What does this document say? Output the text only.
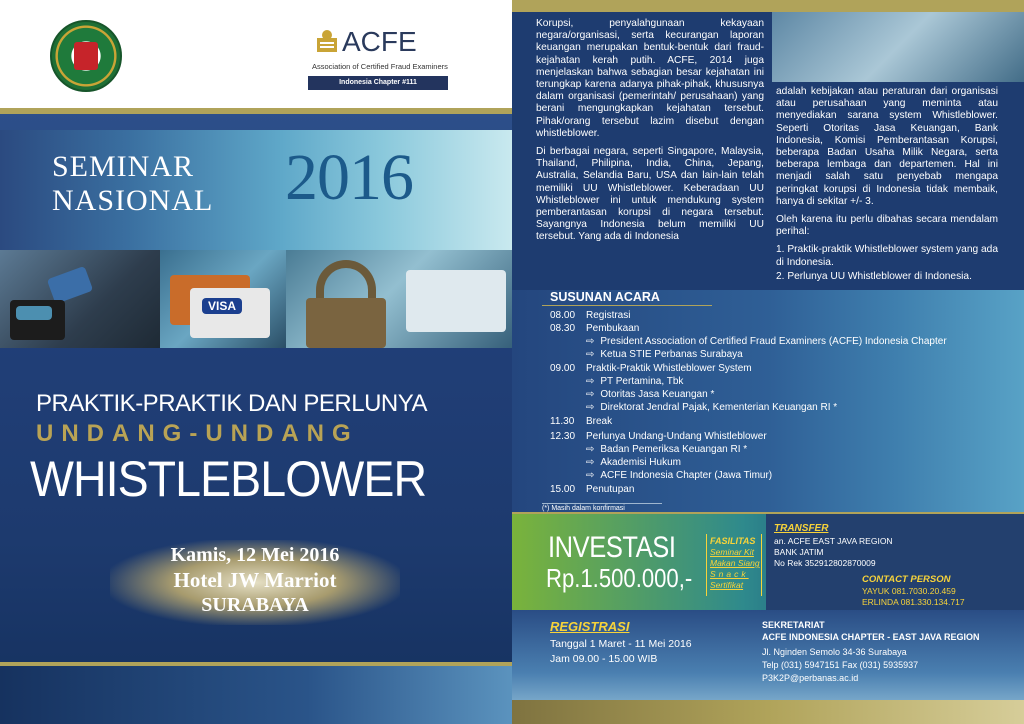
ACFE
Association of Certified Fraud Examiners
Indonesia Chapter #111
SEMINAR
NASIONAL 2016
VISA
PRAKTIK-PRAKTIK DAN PERLUNYA
UNDANG-UNDANG
WHISTLEBLOWER
Kamis, 12 Mei 2016
Hotel JW Marriot
SURABAYA

Korupsi, penyalahgunaan kekayaan negara/organisasi, serta kecurangan laporan keuangan merupakan bentuk-bentuk dari fraud-kejahatan kerah putih. ACFE, 2014 juga menjelaskan bahwa sebagian besar kejahatan ini terungkap karena adanya pihak-pihak, khususnya dalam organisasi (pemerintah/ perusahaan) yang berani mengungkapkan kejahatan tersebut. Pihak/orang tersebut lazim disebut dengan whistleblower.

Di berbagai negara, seperti Singapore, Malaysia, Thailand, Philipina, India, China, Jepang, Australia, Selandia Baru, USA dan lain-lain telah memiliki UU Whistleblower. Keberadaan UU Whistleblower ini untuk mendukung system pemberantasan korupsi di negara tersebut. Sayangnya Indonesia belum memiliki UU tersebut. Yang ada di Indonesia

adalah kebijakan atau peraturan dari organisasi atau perusahaan yang meminta atau menyediakan sarana system Whistleblower. Seperti Otoritas Jasa Keuangan, Bank Indonesia, Komisi Pemberantasan Korupsi, beberapa Badan Usaha Milik Negara, serta beberapa lembaga dan departemen. Hal ini menjadi salah satu penyebab mengapa peringkat korupsi di Indonesia tidak membaik, hanya di sekitar +/- 3.

Oleh karena itu perlu dibahas secara mendalam perihal:

1. Praktik-praktik Whistleblower system yang ada di Indonesia.
2. Perlunya UU Whistleblower di Indonesia.
SUSUNAN ACARA
08.00 Registrasi
08.30 Pembukaan
⇨ President Association of Certified Fraud Examiners (ACFE) Indonesia Chapter
⇨ Ketua STIE Perbanas Surabaya
09.00 Praktik-Praktik Whistleblower System
⇨ PT Pertamina, Tbk
⇨ Otoritas Jasa Keuangan *
⇨ Direktorat Jendral Pajak, Kementerian Keuangan RI *
11.30 Break
12.30 Perlunya Undang-Undang Whistleblower
⇨ Badan Pemeriksa Keuangan RI *
⇨ Akademisi Hukum
⇨ ACFE Indonesia Chapter (Jawa Timur)
15.00 Penutupan
(*) Masih dalam konfirmasi
INVESTASI
Rp.1.500.000,-
FASILITAS
Seminar Kit
Makan Siang
Snack
Sertifikat
TRANSFER
an. ACFE EAST JAVA REGION
BANK JATIM
No Rek 352912802870009
CONTACT PERSON
YAYUK 081.7030.20.459
ERLINDA 081.330.134.717
REGISTRASI
Tanggal 1 Maret - 11 Mei 2016
Jam 09.00 - 15.00 WIB
SEKRETARIAT
ACFE INDONESIA CHAPTER - EAST JAVA REGION
Jl. Nginden Semolo 34-36 Surabaya
Telp (031) 5947151 Fax (031) 5935937
P3K2P@perbanas.ac.id
